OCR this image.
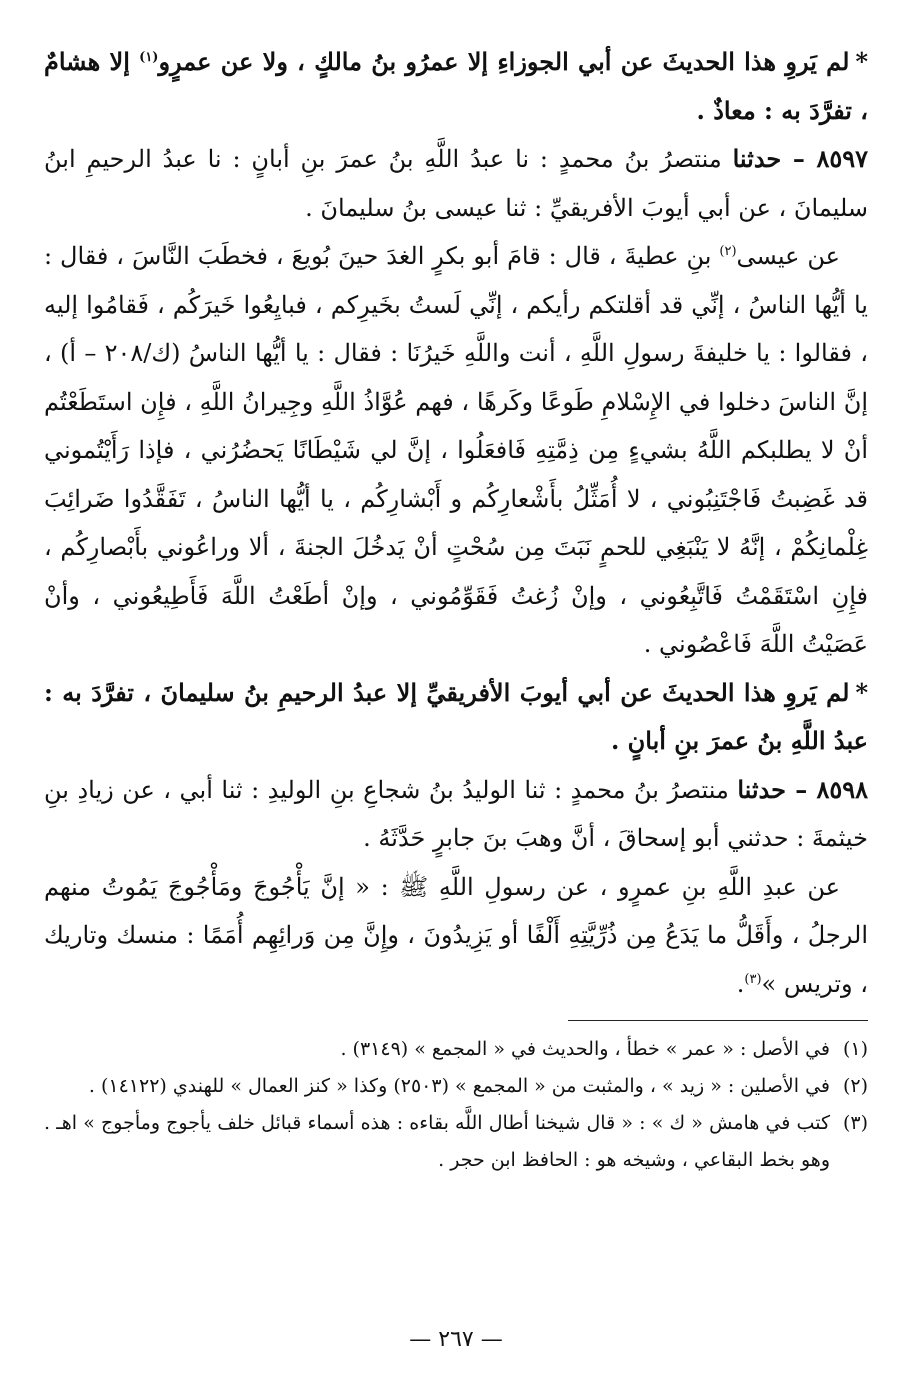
*لم يَروِ هذا الحديثَ عن أبي الجوزاءِ إلا عمرُو بنُ مالكٍ ، ولا عن عمرٍو$^{(١)}$ إلا هشامٌ ، تفرَّدَ به : معاذٌ .

٨٥٩٧ – حدثنا منتصرُ بنُ محمدٍ : نا عبدُ اللَّهِ بنُ عمرَ بنِ أبانٍ : نا عبدُ الرحيمِ ابنُ سليمانَ ، عن أبي أيوبَ الأفريقيِّ : ثنا عيسى بنُ سليمانَ .

عن عيسى$^{(٢)}$ بنِ عطيةَ ، قال : قامَ أبو بكرٍ الغدَ حينَ بُويعَ ، فخطَبَ النَّاسَ ، فقال : يا أيُّها الناسُ ، إنِّي قد أقلتكم رأيكم ، إنِّي لَستُ بخَيرِكم ، فبايِعُوا خَيرَكُم ، فَقامُوا إليه ، فقالوا : يا خليفةَ رسولِ اللَّهِ ، أنت واللَّهِ خَيرُنَا : فقال : يا أيُّها الناسُ (ك/٢٠٨ – أ) ، إنَّ الناسَ دخلوا في الإِسْلامِ طَوعًا وكَرهًا ، فهم عُوَّاذُ اللَّهِ وجِيرانُ اللَّهِ ، فإِن استَطَعْتُم أنْ لا يطلبكم اللَّهُ بشيءٍ مِن ذِمَّتِهِ فَافعَلُوا ، إنَّ لي شَيْطَانًا يَحضُرُني ، فإذا رَأَيْتُموني قد غَضِبتُ فَاجْتَنِبُوني ، لا أُمَثِّلُ بأَشْعارِكُم و أَبْشارِكُم ، يا أيُّها الناسُ ، تَفَقَّدُوا ضَرائِبَ غِلْمانِكُمْ ، إنَّهُ لا يَنْبَغِي للحمٍ نَبَتَ مِن سُحْتٍ أنْ يَدخُلَ الجنةَ ، ألا وراعُوني بأَبْصارِكُم ، فإِنِ اسْتَقَمْتُ فَاتَّبِعُوني ، وإنْ زُغتُ فَقَوِّمُوني ، وإنْ أطَعْتُ اللَّهَ فَأَطِيعُوني ، وأنْ عَصَيْتُ اللَّهَ فَاعْصُوني .

*لم يَروِ هذا الحديثَ عن أبي أيوبَ الأفريقيِّ إلا عبدُ الرحيمِ بنُ سليمانَ ، تفرَّدَ به : عبدُ اللَّهِ بنُ عمرَ بنِ أبانٍ .

٨٥٩٨ – حدثنا منتصرُ بنُ محمدٍ : ثنا الوليدُ بنُ شجاعِ بنِ الوليدِ : ثنا أبي ، عن زيادِ بنِ خيثمةَ : حدثني أبو إسحاقَ ، أنَّ وهبَ بنَ جابرٍ حَدَّثَهُ .

عن عبدِ اللَّهِ بنِ عمرٍو ، عن رسولِ اللَّهِ ﷺ : « إنَّ يَأْجُوجَ ومَأْجُوجَ يَمُوتُ منهم الرجلُ ، وأَقَلُّ ما يَدَعُ مِن ذُرِّيَّتِهِ أَلْفًا أو يَزِيدُونَ ، وإِنَّ مِن وَرائِهِم أُمَمًا : منسك وتاريك ، وتريس »$^{(٣)}$.

(١)
في الأصل : « عمر » خطأ ، والحديث في « المجمع » (٣١٤٩) .
(٢)
في الأصلين : « زيد » ، والمثبت من « المجمع » (٢٥٠٣) وكذا « كنز العمال » للهندي (١٤١٢٢) .
(٣)
كتب في هامش « ك » : « قال شيخنا أطال اللَّه بقاءه : هذه أسماء قبائل خلف يأجوج ومأجوج » اهـ . وهو بخط البقاعي ، وشيخه هو : الحافظ ابن حجر .
— ٢٦٧ —
